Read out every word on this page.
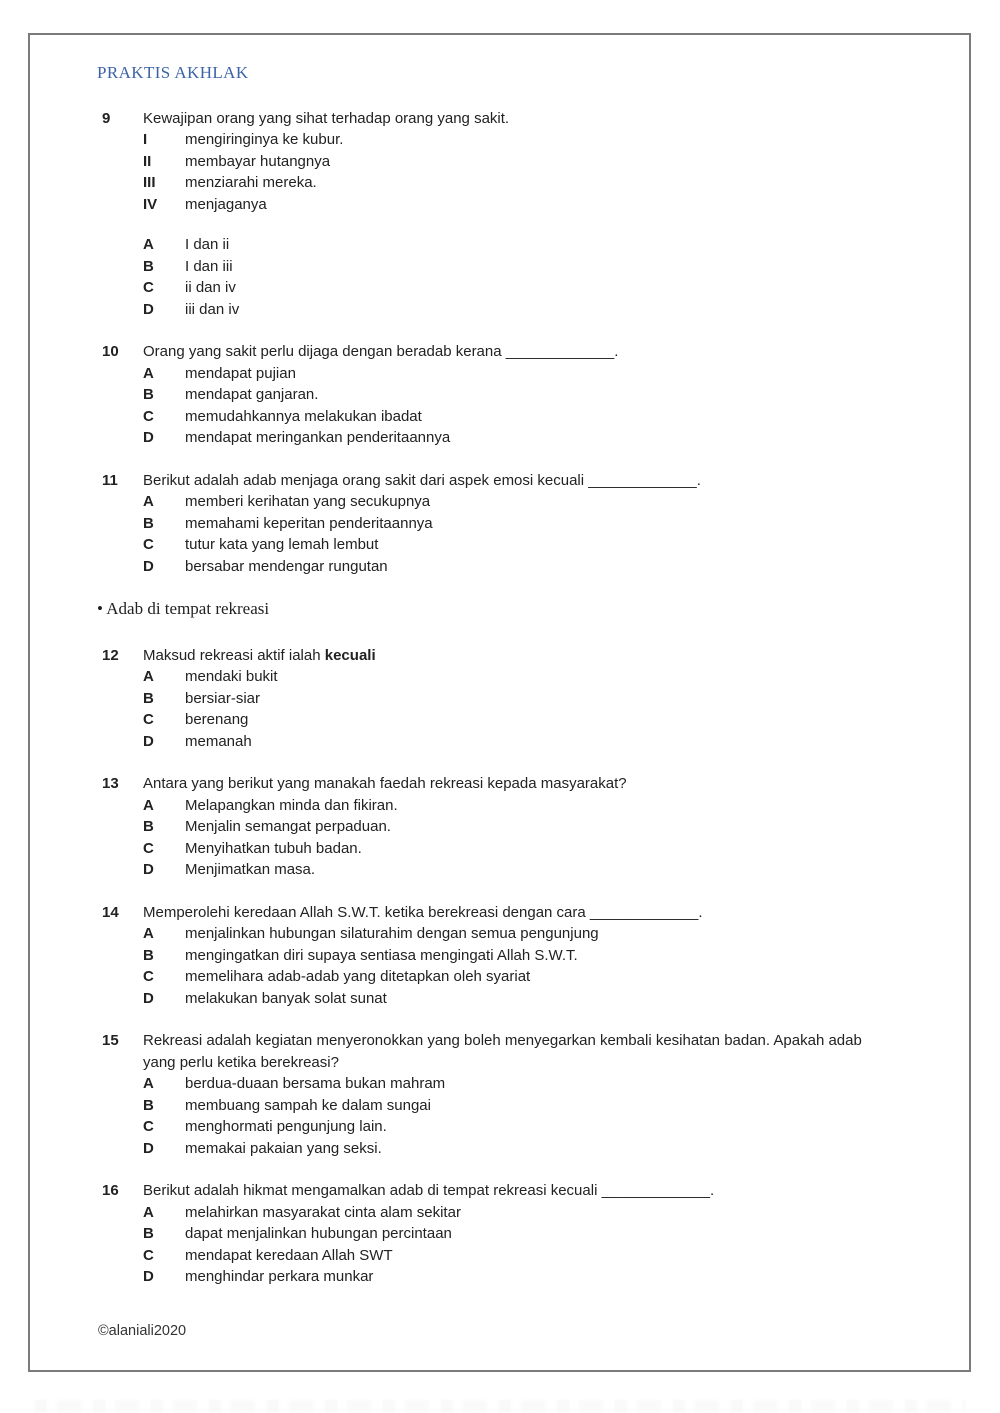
PRAKTIS AKHLAK
9	Kewajipan orang yang sihat terhadap orang yang sakit.
I	mengiringinya ke kubur.
II	membayar hutangnya
III	menziarahi mereka.
IV	menjaganya
A	I dan ii
B	I dan iii
C	ii dan iv
D	iii dan iv
10	Orang yang sakit perlu dijaga dengan beradab kerana _____________.
A	mendapat pujian
B	mendapat ganjaran.
C	memudahkannya melakukan ibadat
D	mendapat meringankan penderitaannya
11	Berikut adalah adab menjaga orang sakit dari aspek emosi kecuali _____________.
A	memberi kerihatan yang secukupnya
B	memahami keperitan penderitaannya
C	tutur kata yang lemah lembut
D	bersabar mendengar rungutan
• Adab di tempat rekreasi
12	Maksud rekreasi aktif ialah kecuali
A	mendaki bukit
B	bersiar-siar
C	berenang
D	memanah
13	Antara yang berikut yang manakah faedah rekreasi kepada masyarakat?
A	Melapangkan minda dan fikiran.
B	Menjalin semangat perpaduan.
C	Menyihatkan tubuh badan.
D	Menjimatkan masa.
14	Memperolehi keredaan Allah S.W.T. ketika berekreasi dengan cara _____________.
A	menjalinkan hubungan silaturahim dengan semua pengunjung
B	mengingatkan diri supaya sentiasa mengingati Allah S.W.T.
C	memelihara adab-adab yang ditetapkan oleh syariat
D	melakukan banyak solat sunat
15	Rekreasi adalah kegiatan menyeronokkan yang boleh menyegarkan kembali kesihatan badan. Apakah adab yang perlu ketika berekreasi?
A	berdua-duaan bersama bukan mahram
B	membuang sampah ke dalam sungai
C	menghormati pengunjung lain.
D	memakai pakaian yang seksi.
16	Berikut adalah hikmat mengamalkan adab di tempat rekreasi kecuali _____________.
A	melahirkan masyarakat cinta alam sekitar
B	dapat menjalinkan hubungan percintaan
C	mendapat keredaan Allah SWT
D	menghindar perkara munkar
©alaniali2020
